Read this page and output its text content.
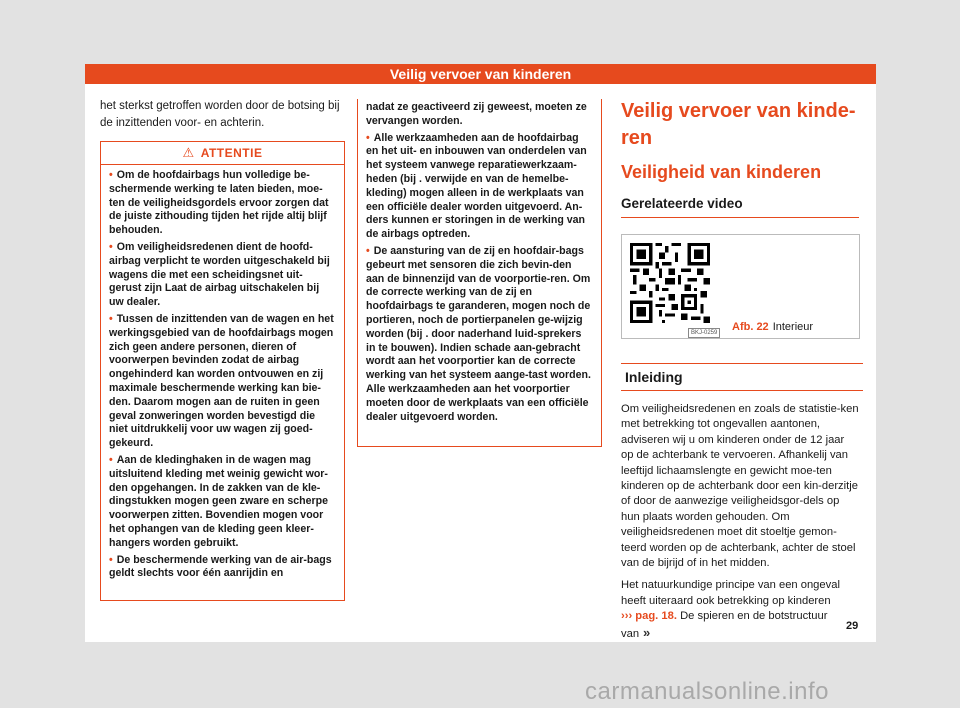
Veilig vervoer van kinderen

het sterkst getroffen worden door de botsing bij de inzittenden voor- en achterin.

⚠ ATTENTIE
• Om de hoofdairbags hun volledige be-schermende werking te laten bieden, moe-ten de veiligheidsgordels ervoor zorgen dat de juiste zithouding tijden het rijde altij blijf behouden.
• Om veiligheidsredenen dient de hoofd-airbag verplicht te worden uitgeschakeld bij wagens die met een scheidingsnet uit-gerust zijn Laat de airbag uitschakelen bij uw dealer.
• Tussen de inzittenden van de wagen en het werkingsgebied van de hoofdairbags mogen zich geen andere personen, dieren of voorwerpen bevinden zodat de airbag ongehinderd kan worden ontvouwen en zij maximale beschermende werking kan bie-den. Daarom mogen aan de ruiten in geen geval zonweringen worden bevestigd die niet uitdrukkelij voor uw wagen zij goed-gekeurd.
• Aan de kledinghaken in de wagen mag uitsluitend kleding met weinig gewicht wor-den opgehangen. In de zakken van de kle-dingstukken mogen geen zware en scherpe voorwerpen zitten. Bovendien mogen voor het ophangen van de kleding geen kleer-hangers worden gebruikt.
• De beschermende werking van de air-bags geldt slechts voor één aanrijdin en
nadat ze geactiveerd zij geweest, moeten ze vervangen worden.
• Alle werkzaamheden aan de hoofdairbag en het uit- en inbouwen van onderdelen van het systeem vanwege reparatiewerkzaam-heden (bij . verwijde en van de hemelbe-kleding) mogen alleen in de werkplaats van een officiële dealer worden uitgevoerd. An-ders kunnen er storingen in de werking van de airbags optreden.
• De aansturing van de zij en hoofdair-bags gebeurt met sensoren die zich bevin-den aan de binnenzijd van de voorportie-ren. Om de correcte werking van de zij en hoofdairbags te garanderen, mogen noch de portieren, noch de portierpanelen ge-wijzig worden (bij . door naderhand luid-sprekers in te bouwen). Indien schade aan-gebracht wordt aan het voorportier kan de correcte werking van het systeem aange-tast worden. Alle werkzaamheden aan het voorportier moeten door de werkplaats van een officiële dealer uitgevoerd worden.
Veilig vervoer van kinde-
ren
Veiligheid van kinderen
Gerelateerde video
BKJ-0259 Afb. 22 Interieur
Inleiding

Om veiligheidsredenen en zoals de statistie-ken met betrekking tot ongevallen aantonen, adviseren wij u om kinderen onder de 12 jaar op de achterbank te vervoeren. Afhankelij van leeftijd lichaamslengte en gewicht moe-ten kinderen op de achterbank door een kin-derzitje of door de aanwezige veiligheidsgor-dels op hun plaats worden gehouden. Om veiligheidsredenen moet dit stoeltje gemon-teerd worden op de achterbank, achter de stoel van de bijrijd of in het midden.

Het natuurkundige principe van een ongeval heeft uiteraard ook betrekking op kinderen
››› pag. 18. De spieren en de botstructuur van »	29
carmanualsonline.info
